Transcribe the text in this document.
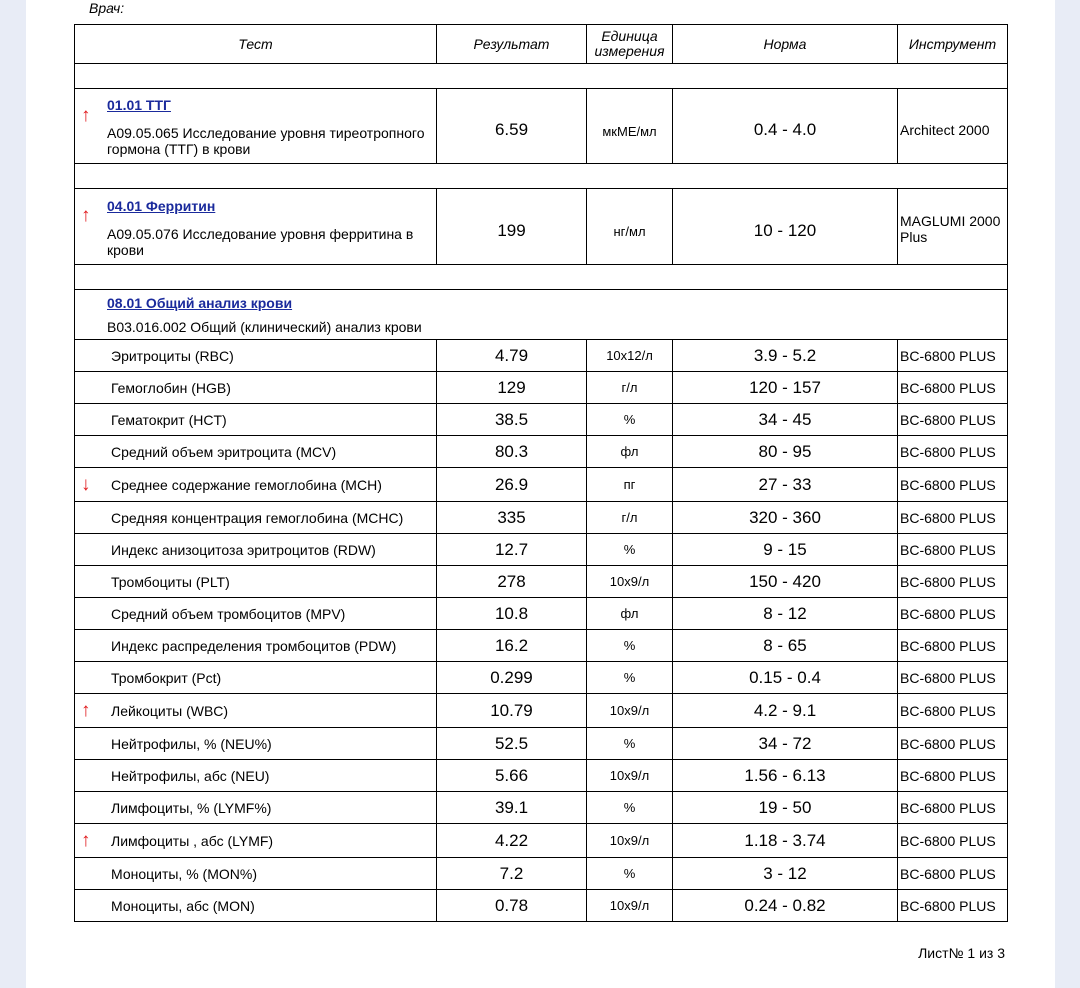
Врач:
Тест	Результат	Единица измерения	Норма	Инструмент

↑ 01.01 ТТГ
A09.05.065 Исследование уровня тиреотропного гормона (ТТГ) в крови	6.59	мкМЕ/мл	0.4 - 4.0	Architect 2000

↑ 04.01 Ферритин
A09.05.076 Исследование уровня ферритина в крови	199	нг/мл	10 - 120	MAGLUMI 2000 Plus

08.01 Общий анализ крови
B03.016.002 Общий (клинический) анализ крови				

Эритроциты (RBC)	4.79	10x12/л	3.9 - 5.2	BC-6800 PLUS
Гемоглобин (HGB)	129	г/л	120 - 157	BC-6800 PLUS
Гематокрит (HCT)	38.5	%	34 - 45	BC-6800 PLUS
Средний объем эритроцита (MCV)	80.3	фл	80 - 95	BC-6800 PLUS

↓ Среднее содержание гемоглобина (MCH)	26.9	пг	27 - 33	BC-6800 PLUS
Средняя концентрация гемоглобина (MCHC)	335	г/л	320 - 360	BC-6800 PLUS
Индекс анизоцитоза эритроцитов (RDW)	12.7	%	9 - 15	BC-6800 PLUS
Тромбоциты (PLT)	278	10x9/л	150 - 420	BC-6800 PLUS
Средний объем тромбоцитов (MPV)	10.8	фл	8 - 12	BC-6800 PLUS
Индекс распределения тромбоцитов (PDW)	16.2	%	8 - 65	BC-6800 PLUS
Тромбокрит (Pct)	0.299	%	0.15 - 0.4	BC-6800 PLUS

↑ Лейкоциты (WBC)	10.79	10x9/л	4.2 - 9.1	BC-6800 PLUS
Нейтрофилы, % (NEU%)	52.5	%	34 - 72	BC-6800 PLUS
Нейтрофилы, абс (NEU)	5.66	10x9/л	1.56 - 6.13	BC-6800 PLUS
Лимфоциты, % (LYMF%)	39.1	%	19 - 50	BC-6800 PLUS

↑ Лимфоциты , абс (LYMF)	4.22	10x9/л	1.18 - 3.74	BC-6800 PLUS
Моноциты, % (MON%)	7.2	%	3 - 12	BC-6800 PLUS
Моноциты, абс (MON)	0.78	10x9/л	0.24 - 0.82	BC-6800 PLUS
Лист№ 1 из 3
